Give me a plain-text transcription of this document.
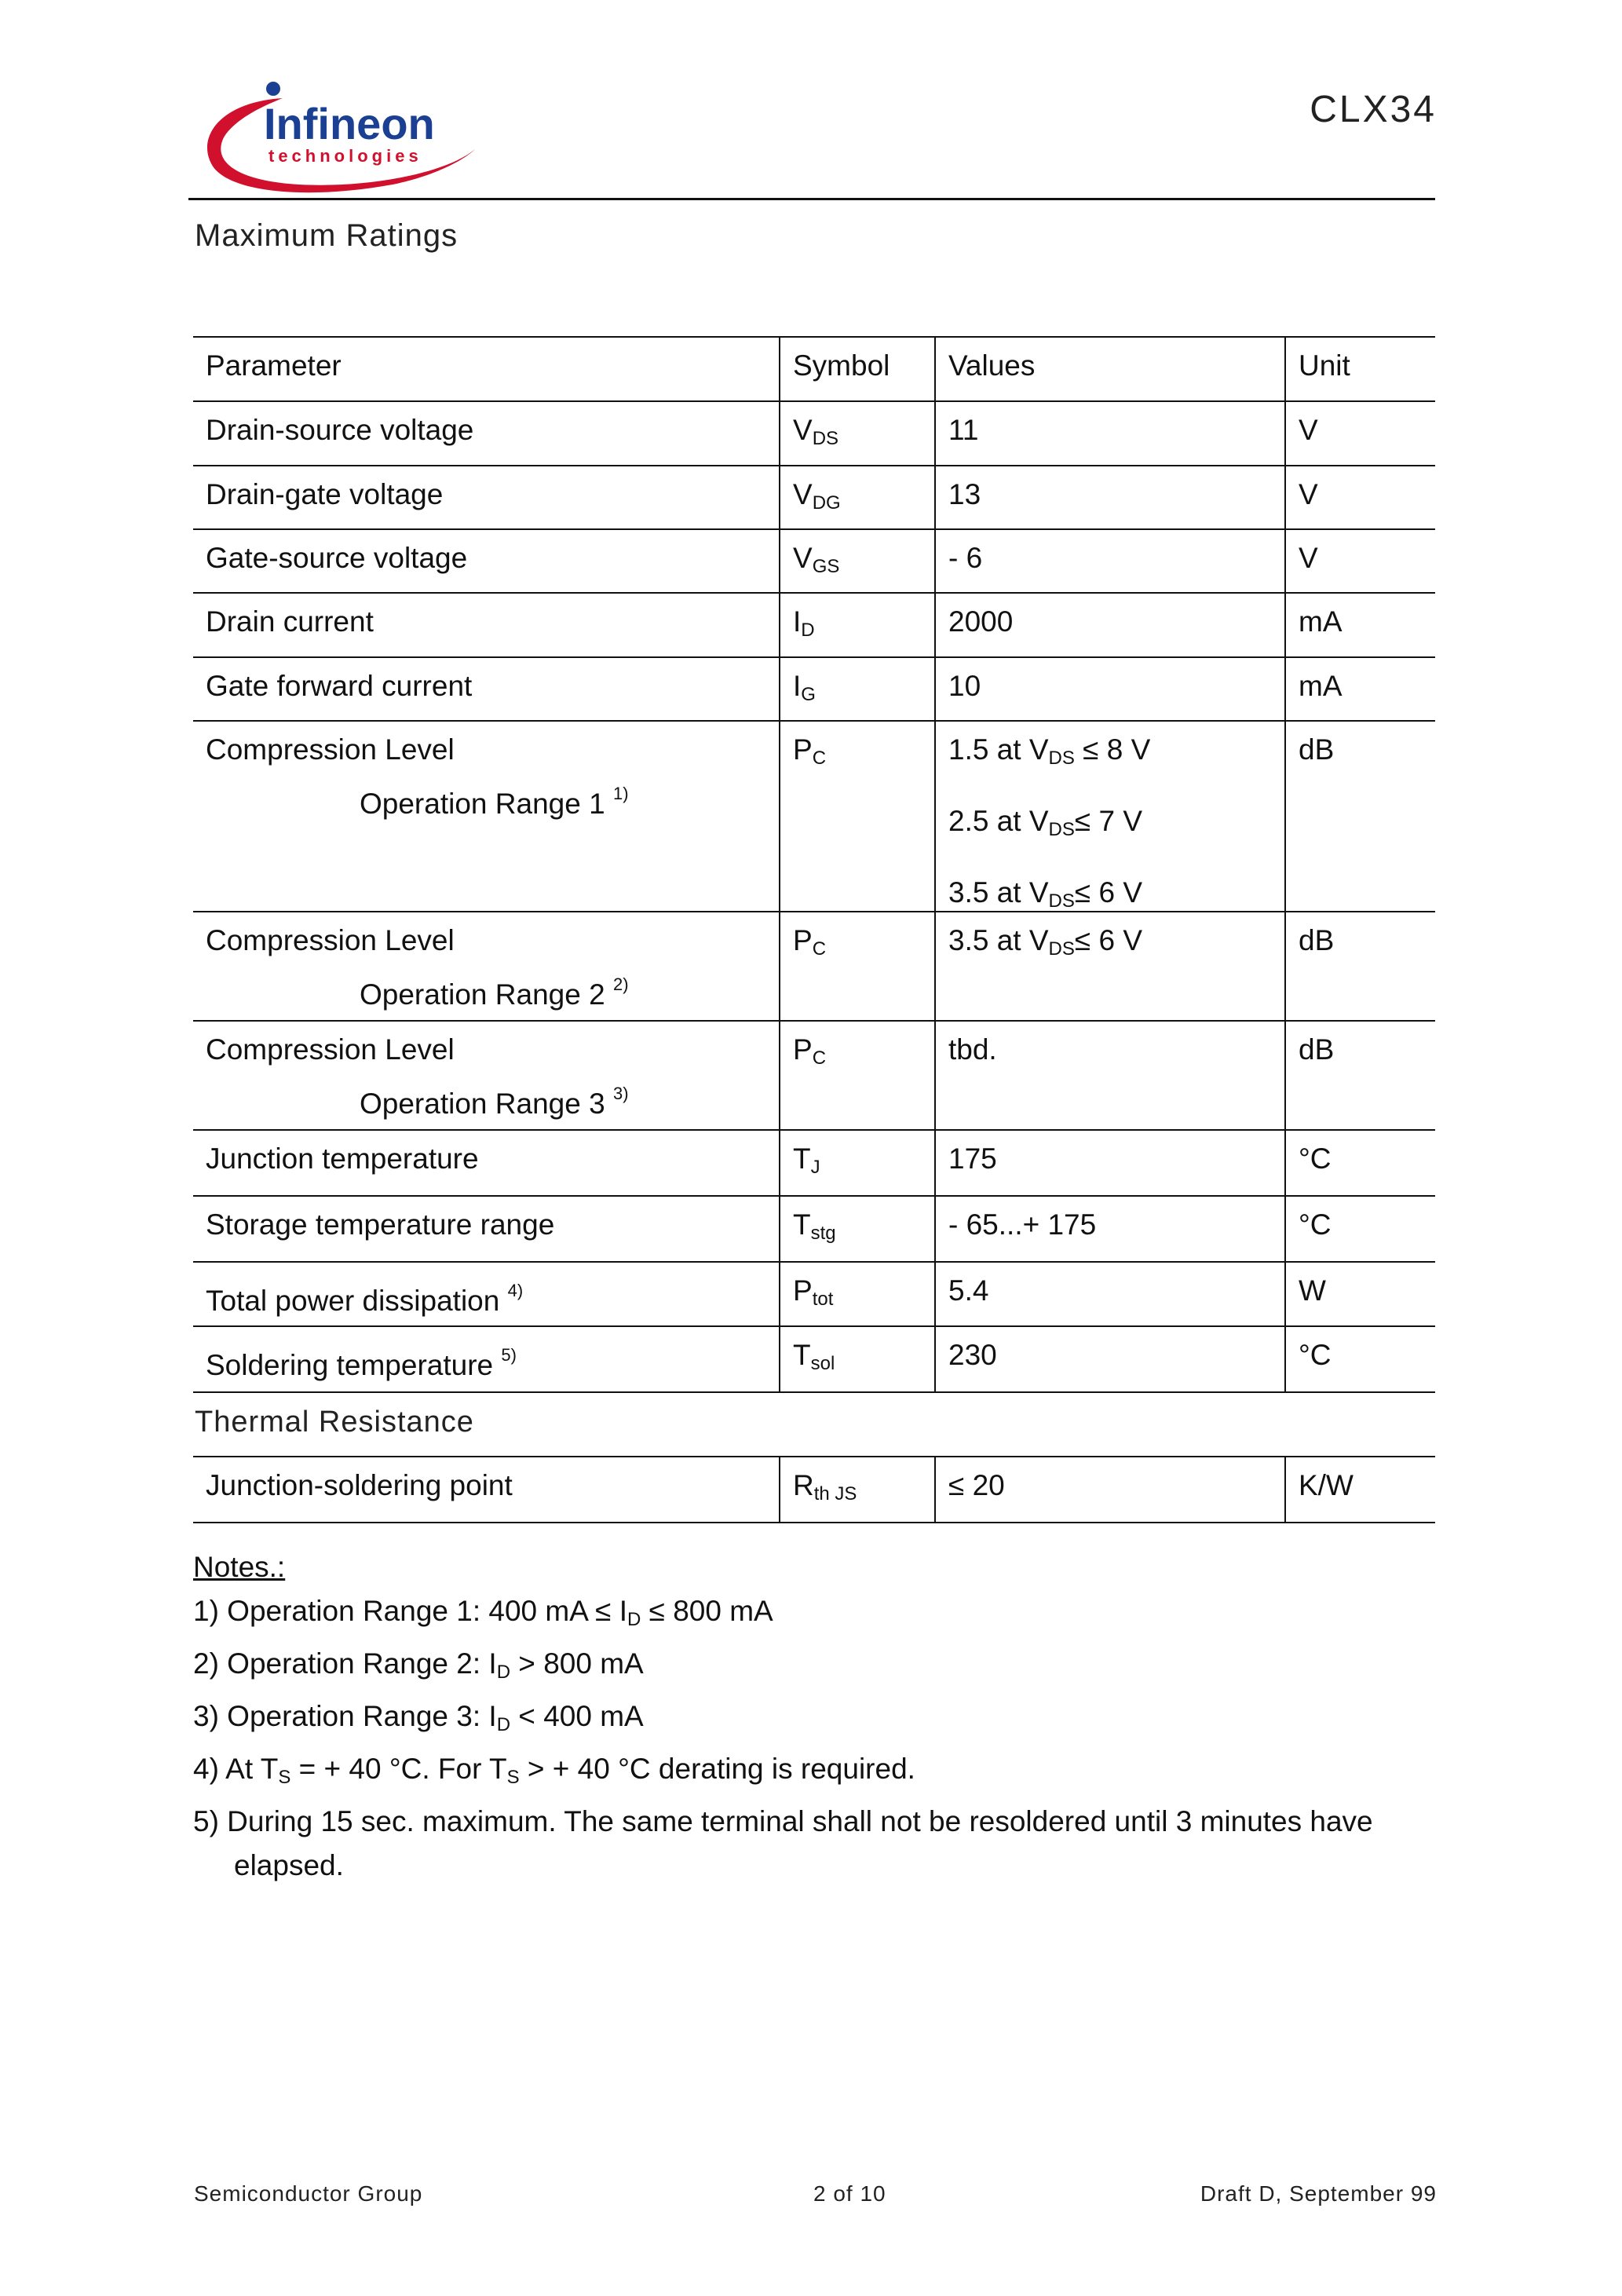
Infineon
technologies
CLX34
Maximum Ratings
Parameter	Symbol	Values	Unit
Drain-source voltage	$V_{DS}$	11	V
Drain-gate voltage	$V_{DG}$	13	V
Gate-source voltage	$V_{GS}$	- 6	V
Drain current	$I_D$	2000	mA
Gate forward current	$I_G$	10	mA
Compression Level
Operation Range 1 $^{1)}$
$P_C$	1.5 at $V_{DS} \le 8$ V
2.5 at $V_{DS}\le 7$ V
3.5 at $V_{DS}\le 6$ V
dB
Compression Level
Operation Range 2 $^{2)}$
$P_C$	3.5 at $V_{DS}\le 6$ V	dB
Compression Level
Operation Range 3 $^{3)}$
$P_C$	tbd.	dB
Junction temperature	$T_J$	175	°C
Storage temperature range	$T_{stg}$	- 65...+ 175	°C
Total power dissipation $^{4)}$	$P_{tot}$	5.4	W
Soldering temperature $^{5)}$	$T_{sol}$	230	°C
Thermal Resistance
Junction-soldering point	$R_{th JS}$	≤ 20	K/W
Notes.:
1) Operation Range 1: 400 mA ≤ $I_D \le 800$ mA
2) Operation Range 2: $I_D > 800$ mA
3) Operation Range 3: $I_D < 400$ mA
4) At $T_S$ = + 40 °C. For $T_S$ > + 40 °C derating is required.
5) During 15 sec. maximum. The same terminal shall not be resoldered until 3 minutes have
elapsed.
Semiconductor Group	2 of 10	Draft D, September 99
